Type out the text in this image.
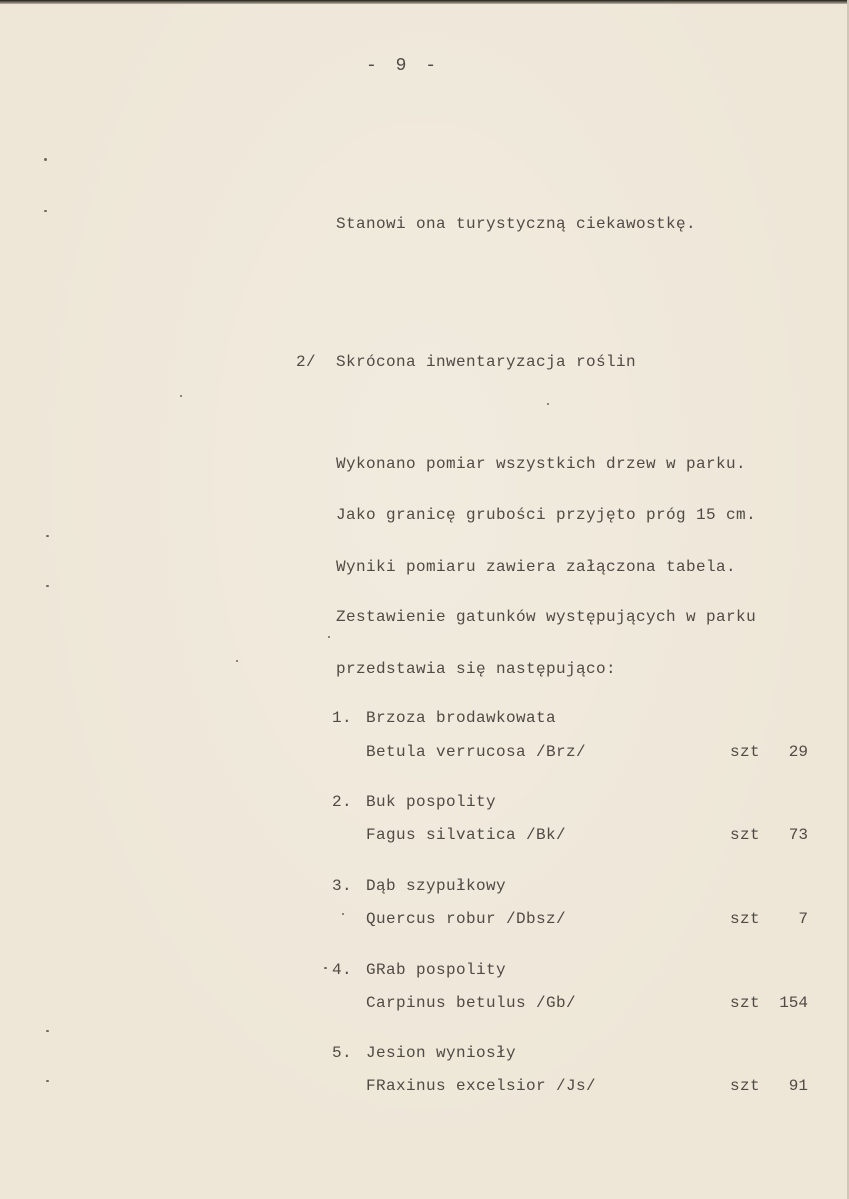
- 9 -
Stanowi ona turystyczną ciekawostkę.
2/ Skrócona inwentaryzacja roślin
Wykonano pomiar wszystkich drzew w parku.
Jako granicę grubości przyjęto próg 15 cm.
Wyniki pomiaru zawiera załączona tabela.
Zestawienie gatunków występujących w parku
przedstawia się następująco:
1. Brzoza brodawkowata
Betula verrucosa /Brz/	szt	29
2. Buk pospolity
Fagus silvatica /Bk/	szt	73
3. Dąb szypułkowy
Quercus robur /Dbsz/	szt	7
4. GRab pospolity
Carpinus betulus /Gb/	szt	154
5. Jesion wyniosły
FRaxinus excelsior /Js/	szt	91
